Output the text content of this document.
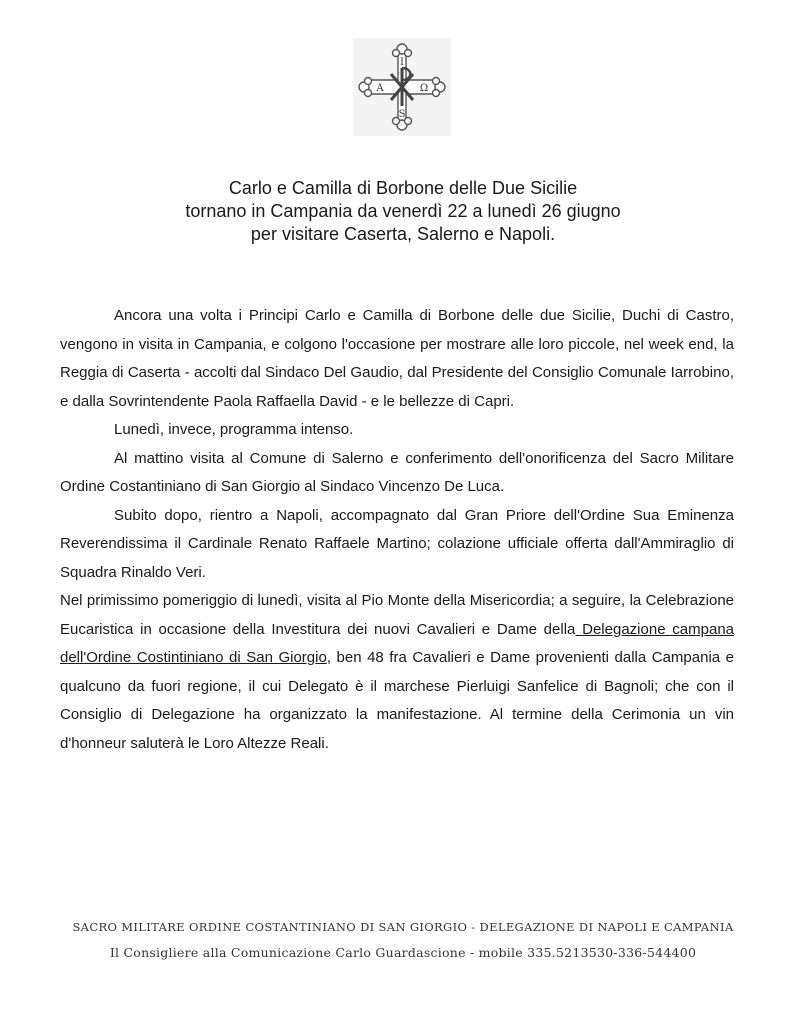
I
S
A	Ω
Carlo e Camilla di Borbone delle Due Sicilie
tornano in Campania da venerdì 22 a lunedì 26 giugno
per visitare Caserta, Salerno e Napoli.

Ancora una volta i Principi Carlo e Camilla di Borbone delle due Sicilie, Duchi di Castro, vengono in visita in Campania, e colgono l'occasione per mostrare alle loro piccole, nel week end, la Reggia di Caserta - accolti dal Sindaco Del Gaudio, dal Presidente del Consiglio Comunale Iarrobino, e dalla Sovrintendente Paola Raffaella David - e le bellezze di Capri.

Lunedì, invece, programma intenso.

Al mattino visita al Comune di Salerno e conferimento dell'onorificenza del Sacro Militare Ordine Costantiniano di San Giorgio al Sindaco Vincenzo De Luca.

Subito dopo, rientro a Napoli, accompagnato dal Gran Priore dell'Ordine Sua Eminenza Reverendissima il Cardinale Renato Raffaele Martino; colazione ufficiale offerta dall'Ammiraglio di Squadra Rinaldo Veri.

Nel primissimo pomeriggio di lunedì, visita al Pio Monte della Misericordia; a seguire, la Celebrazione Eucaristica in occasione della Investitura dei nuovi Cavalieri e Dame della Delegazione campana dell'Ordine Costintiniano di San Giorgio, ben 48 fra Cavalieri e Dame provenienti dalla Campania e qualcuno da fuori regione, il cui Delegato è il marchese Pierluigi Sanfelice di Bagnoli; che con il Consiglio di Delegazione ha organizzato la manifestazione. Al termine della Cerimonia un vin d'honneur saluterà le Loro Altezze Reali.

SACRO MILITARE ORDINE COSTANTINIANO DI SAN GIORGIO - DELEGAZIONE DI NAPOLI E CAMPANIA
Il Consigliere alla Comunicazione Carlo Guardascione - mobile 335.5213530-336-544400
